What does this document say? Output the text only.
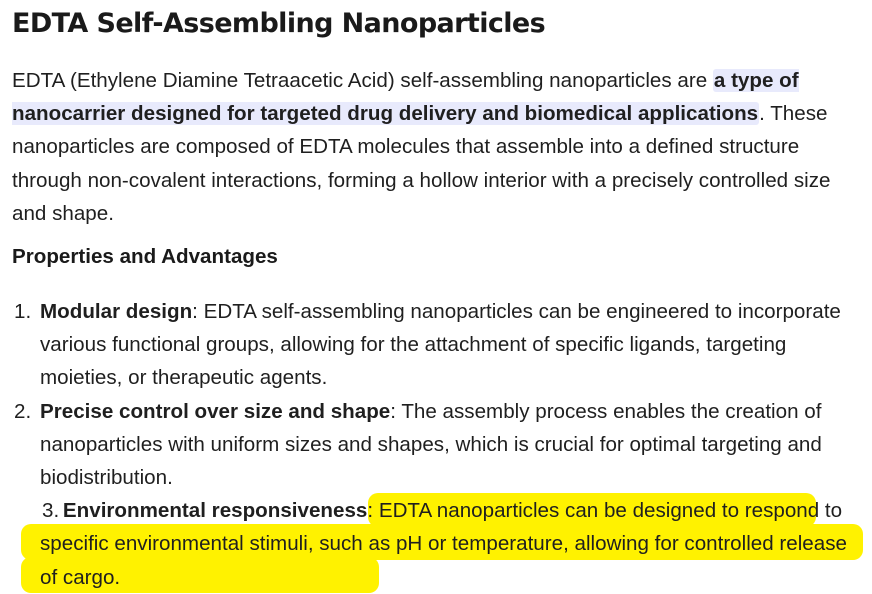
EDTA Self-Assembling Nanoparticles

EDTA (Ethylene Diamine Tetraacetic Acid) self-assembling nanoparticles are a type of nanocarrier designed for targeted drug delivery and biomedical applications. These nanoparticles are composed of EDTA molecules that assemble into a defined structure through non-covalent interactions, forming a hollow interior with a precisely controlled size and shape.

Properties and Advantages
1. Modular design: EDTA self-assembling nanoparticles can be engineered to incorporate various functional groups, allowing for the attachment of specific ligands, targeting moieties, or therapeutic agents.
2. Precise control over size and shape: The assembly process enables the creation of nanoparticles with uniform sizes and shapes, which is crucial for optimal targeting and biodistribution.
3. Environmental responsiveness: EDTA nanoparticles can be designed to respond to specific environmental stimuli, such as pH or temperature, allowing for controlled release of cargo.
